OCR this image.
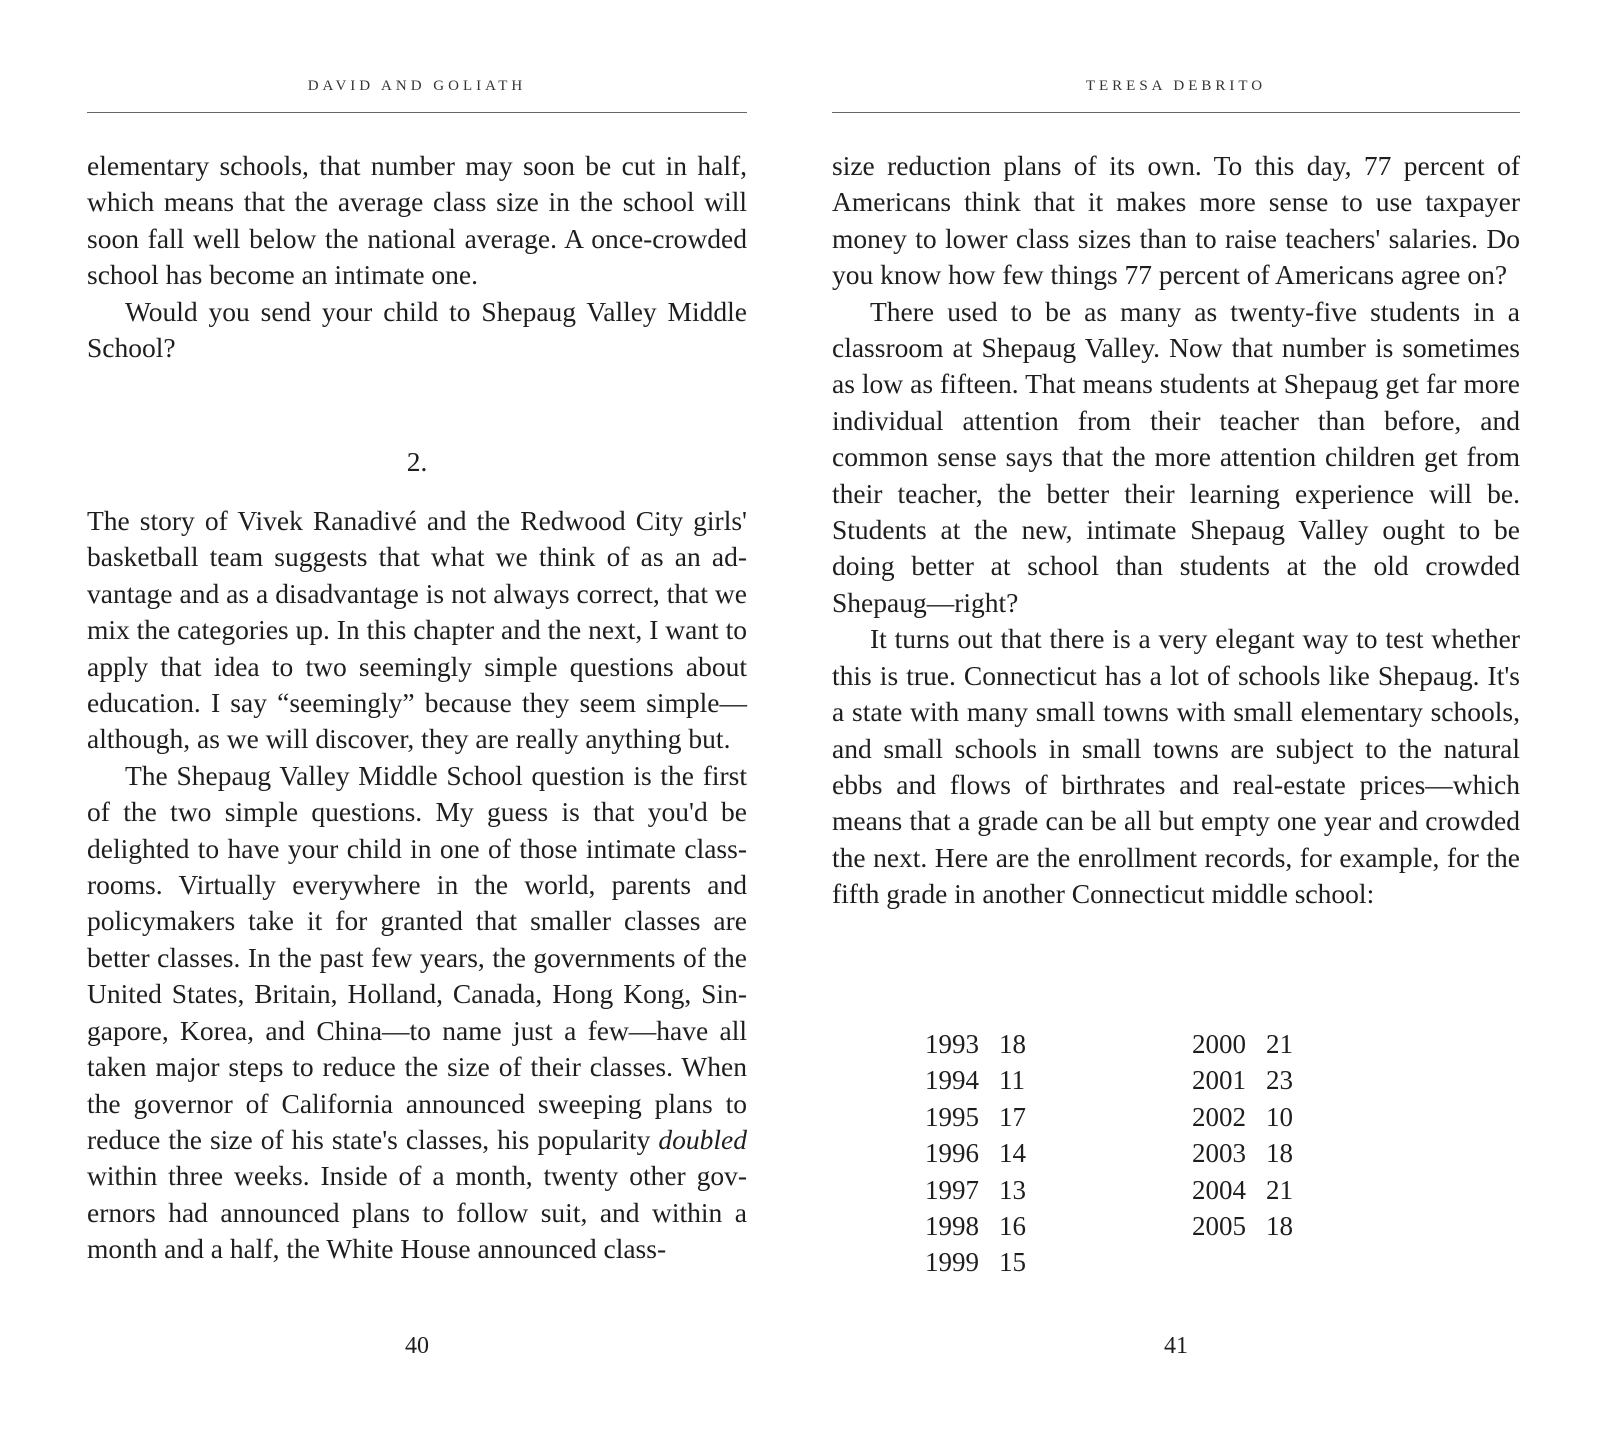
DAVID AND GOLIATH

elementary schools, that number may soon be cut in half, which means that the average class size in the school will soon fall well below the national average. A once-crowded school has become an intimate one.

Would you send your child to Shepaug Valley Middle School?

2.

The story of Vivek Ranadivé and the Redwood City girls' basketball team suggests that what we think of as an advantage and as a disadvantage is not always correct, that we mix the categories up. In this chapter and the next, I want to apply that idea to two seemingly simple questions about education. I say “seemingly” because they seem simple—although, as we will discover, they are really anything but.

The Shepaug Valley Middle School question is the first of the two simple questions. My guess is that you'd be delighted to have your child in one of those intimate classrooms. Virtually everywhere in the world, parents and policymakers take it for granted that smaller classes are better classes. In the past few years, the governments of the United States, Britain, Holland, Canada, Hong Kong, Singapore, Korea, and China—to name just a few—have all taken major steps to reduce the size of their classes. When the governor of California announced sweeping plans to reduce the size of his state's classes, his popularity doubled within three weeks. Inside of a month, twenty other governors had announced plans to follow suit, and within a month and a half, the White House announced class-

40
TERESA DEBRITO

size reduction plans of its own. To this day, 77 percent of Americans think that it makes more sense to use taxpayer money to lower class sizes than to raise teachers' salaries. Do you know how few things 77 percent of Americans agree on?

There used to be as many as twenty-five students in a classroom at Shepaug Valley. Now that number is sometimes as low as fifteen. That means students at Shepaug get far more individual attention from their teacher than before, and common sense says that the more attention children get from their teacher, the better their learning experience will be. Students at the new, intimate Shepaug Valley ought to be doing better at school than students at the old crowded Shepaug—right?

It turns out that there is a very elegant way to test whether this is true. Connecticut has a lot of schools like Shepaug. It's a state with many small towns with small elementary schools, and small schools in small towns are subject to the natural ebbs and flows of birthrates and real-estate prices—which means that a grade can be all but empty one year and crowded the next. Here are the enrollment records, for example, for the fifth grade in another Connecticut middle school:

1993 18
1994 11
1995 17
1996 14
1997 13
1998 16
1999 15
2000 21
2001 23
2002 10
2003 18
2004 21
2005 18
41
